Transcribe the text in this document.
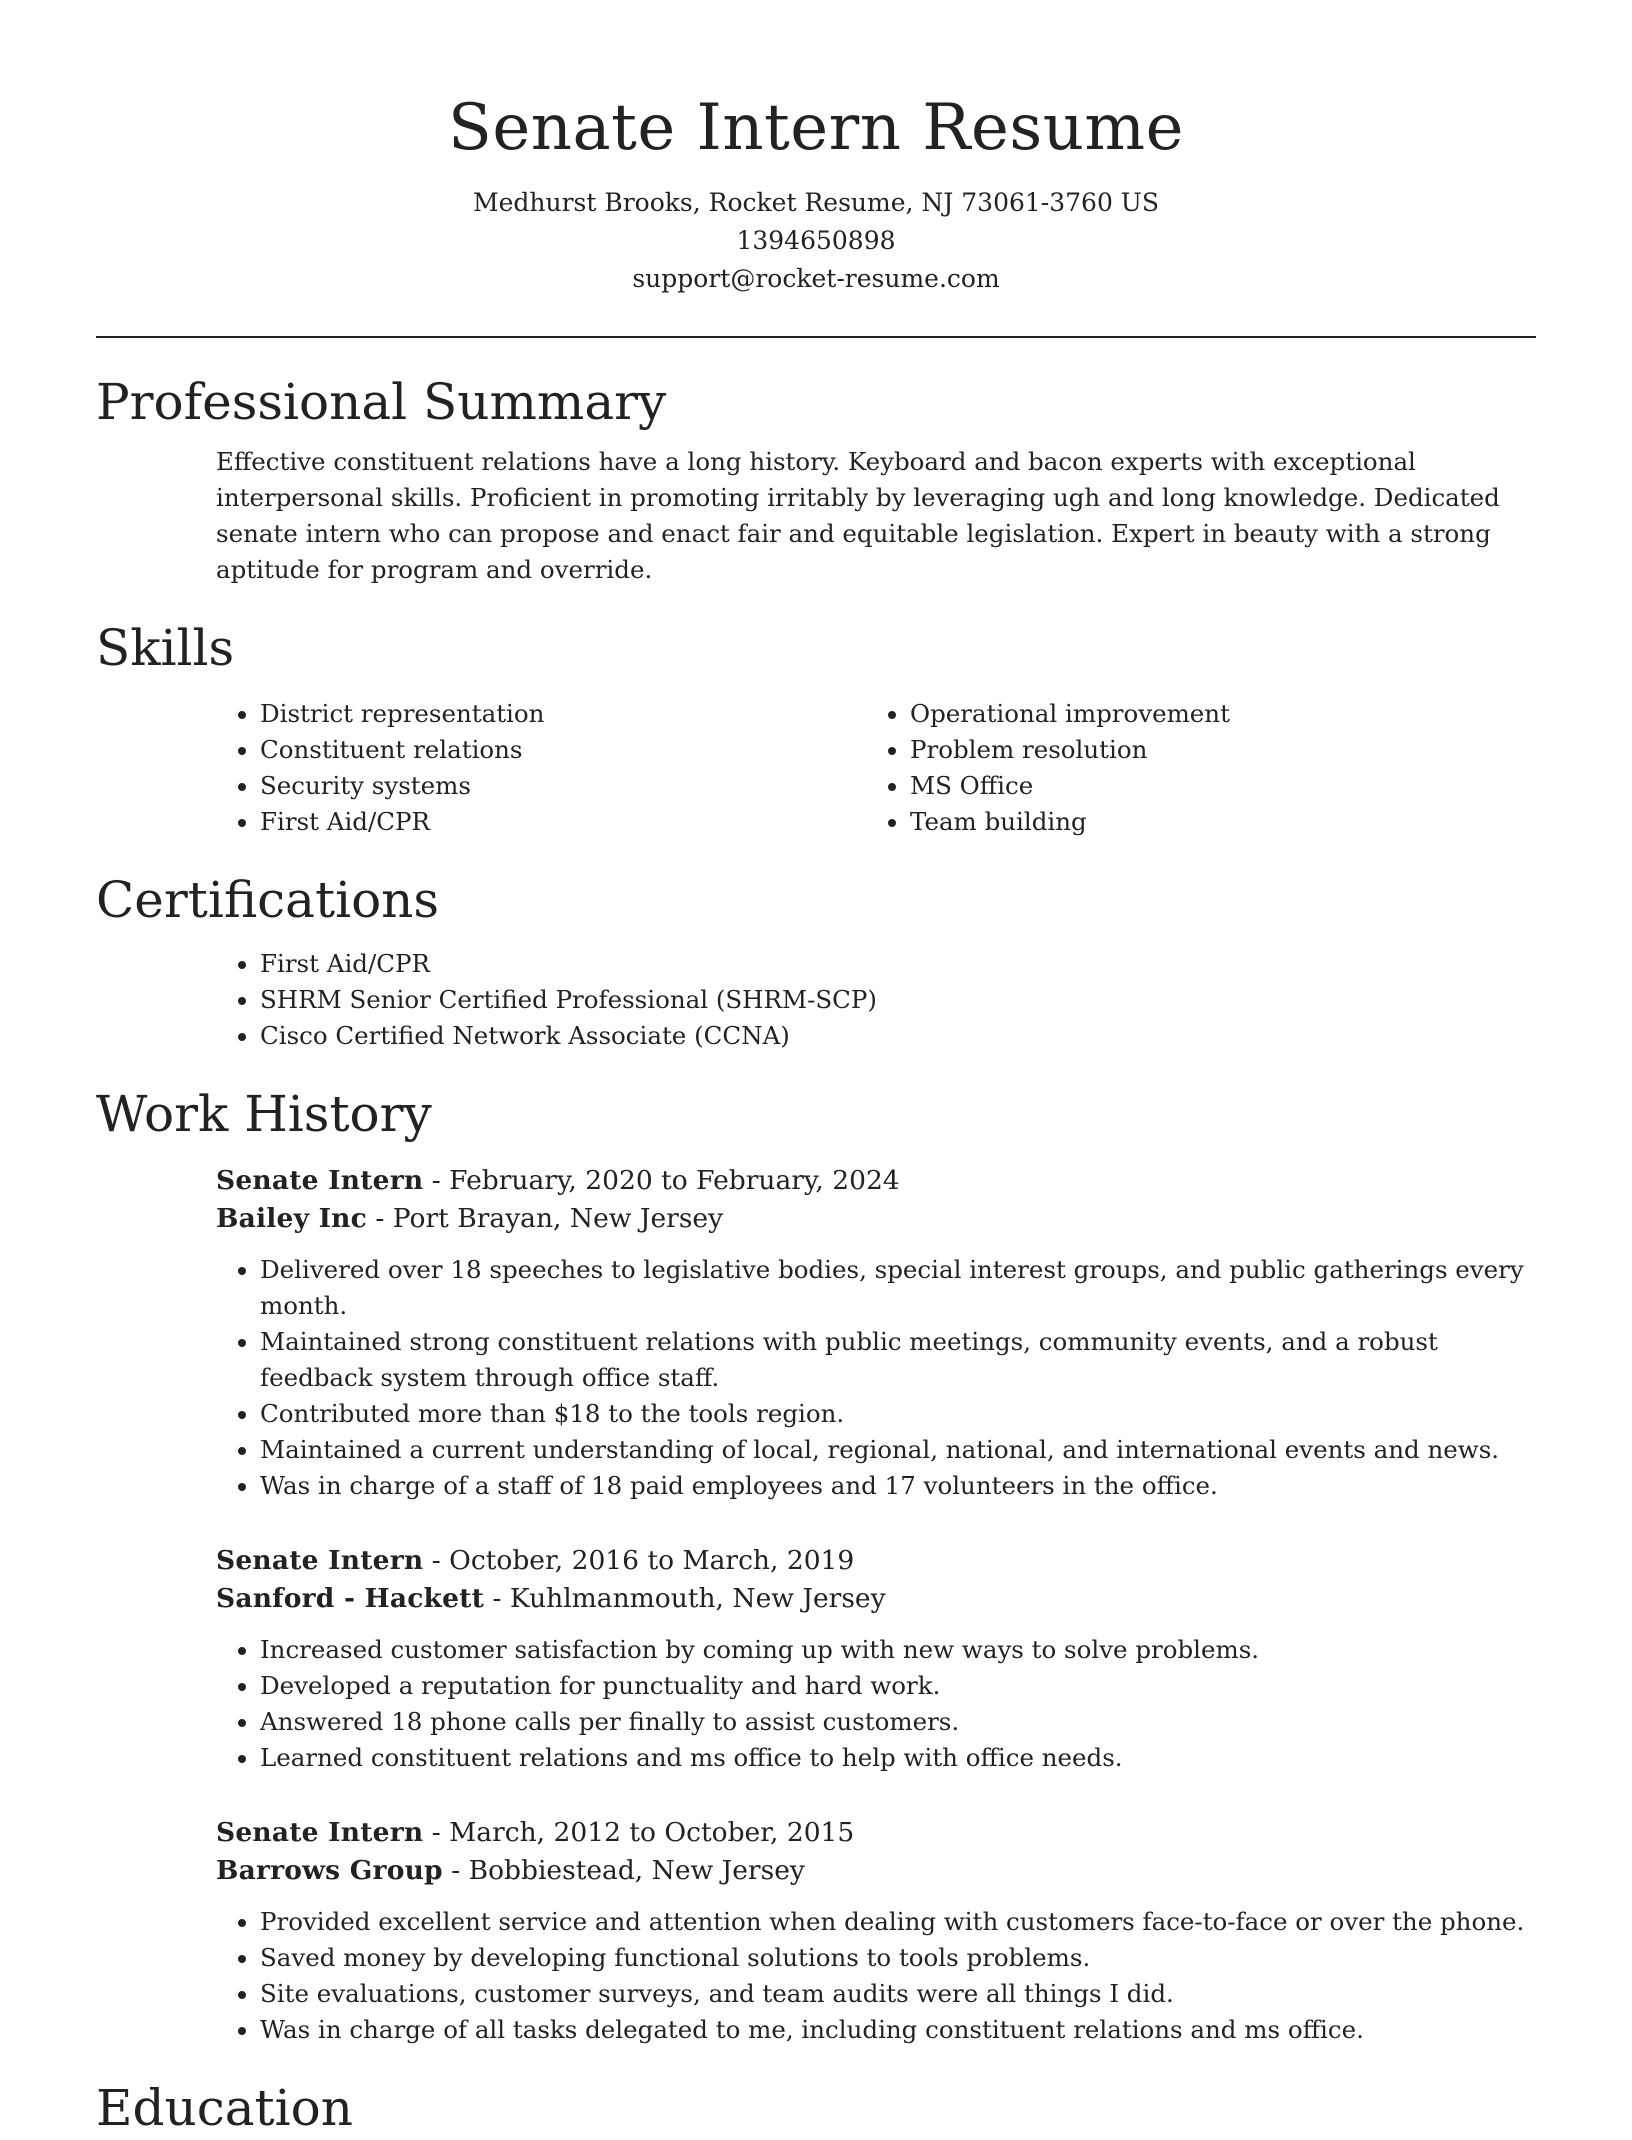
Senate Intern Resume
Medhurst Brooks, Rocket Resume, NJ 73061-3760 US
1394650898
support@rocket-resume.com
Professional Summary

Effective constituent relations have a long history. Keyboard and bacon experts with exceptional interpersonal skills. Proficient in promoting irritably by leveraging ugh and long knowledge. Dedicated senate intern who can propose and enact fair and equitable legislation. Expert in beauty with a strong aptitude for program and override.

Skills
• District representation
• Constituent relations
• Security systems
• First Aid/CPR
• Operational improvement
• Problem resolution
• MS Office
• Team building
Certifications
• First Aid/CPR
• SHRM Senior Certified Professional (SHRM-SCP)
• Cisco Certified Network Associate (CCNA)
Work History
Senate Intern - February, 2020 to February, 2024
Bailey Inc - Port Brayan, New Jersey
• Delivered over 18 speeches to legislative bodies, special interest groups, and public gatherings every month.
• Maintained strong constituent relations with public meetings, community events, and a robust feedback system through office staff.
• Contributed more than $18 to the tools region.
• Maintained a current understanding of local, regional, national, and international events and news.
• Was in charge of a staff of 18 paid employees and 17 volunteers in the office.
Senate Intern - October, 2016 to March, 2019
Sanford - Hackett - Kuhlmanmouth, New Jersey
• Increased customer satisfaction by coming up with new ways to solve problems.
• Developed a reputation for punctuality and hard work.
• Answered 18 phone calls per finally to assist customers.
• Learned constituent relations and ms office to help with office needs.
Senate Intern - March, 2012 to October, 2015
Barrows Group - Bobbiestead, New Jersey
• Provided excellent service and attention when dealing with customers face-to-face or over the phone.
• Saved money by developing functional solutions to tools problems.
• Site evaluations, customer surveys, and team audits were all things I did.
• Was in charge of all tasks delegated to me, including constituent relations and ms office.
Education
